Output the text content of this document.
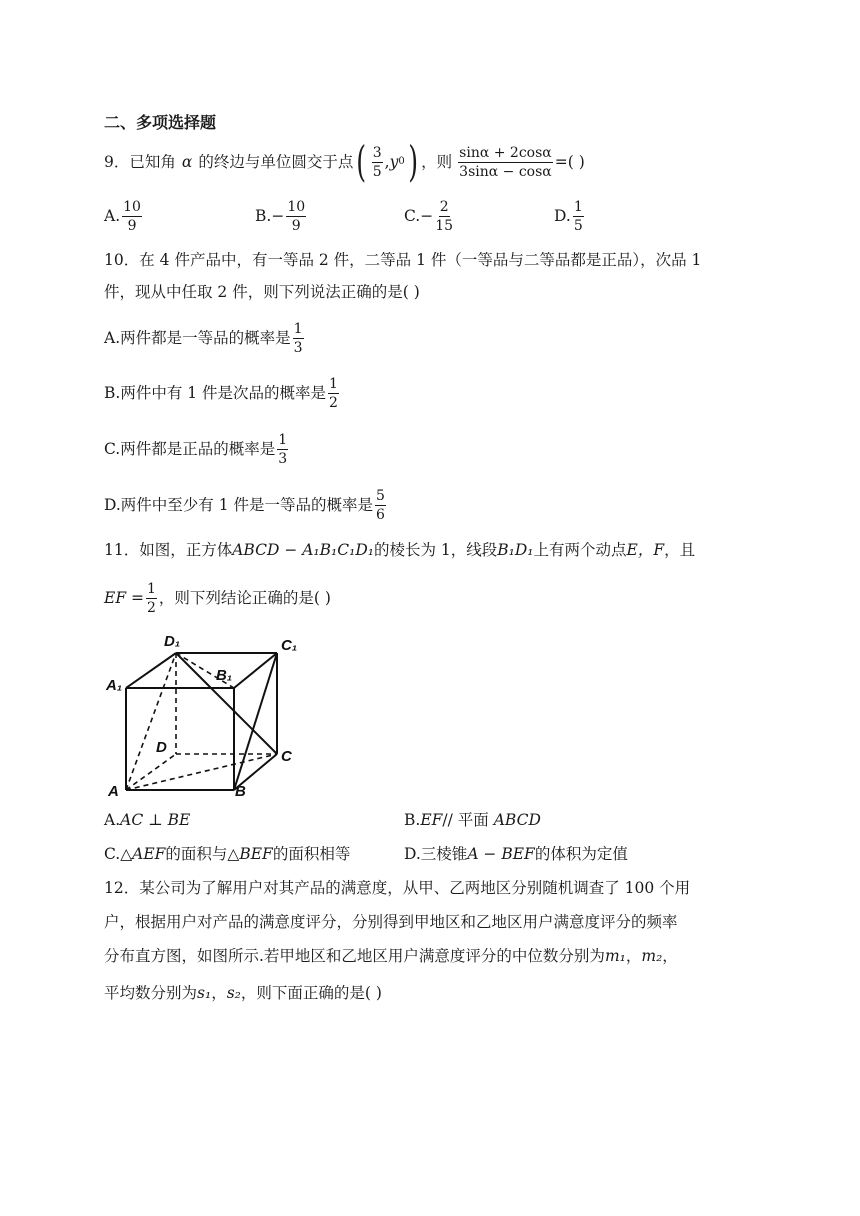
二、多项选择题
9．已知角 α 的终边与单位圆交于点 ( $\frac{3}{5}$ , y 0 ) ，则 $\frac{\sin\alpha + 2\cos\alpha}{3\sin\alpha - \cos\alpha}$ =( )
A. $\frac{10}{9}$	B. − $\frac{10}{9}$	C. − $\frac{2}{15}$	D. $\frac{1}{5}$
10．在 4 件产品中，有一等品 2 件，二等品 1 件（一等品与二等品都是正品），次品 1
件，现从中任取 2 件，则下列说法正确的是( )
A.两件都是一等品的概率是 $\frac{1}{3}$
B.两件中有 1 件是次品的概率是 $\frac{1}{2}$
C.两件都是正品的概率是 $\frac{1}{3}$
D.两件中至少有 1 件是一等品的概率是 $\frac{5}{6}$
11．如图，正方体ABCD − A₁B₁C₁D₁的棱长为 1，线段B₁D₁上有两个动点E，F，且
EF = $\frac{1}{2}$ ，则下列结论正确的是( )
D₁	C₁
A₁
B₁
D
C
A	B
A.AC ⊥ BE	B.EF// 平面 ABCD
C.△AEF的面积与△BEF的面积相等	D.三棱锥A − BEF的体积为定值
12．某公司为了解用户对其产品的满意度，从甲、乙两地区分别随机调查了 100 个用
户，根据用户对产品的满意度评分，分别得到甲地区和乙地区用户满意度评分的频率
分布直方图，如图所示.若甲地区和乙地区用户满意度评分的中位数分别为m₁，m₂，
平均数分别为s₁，s₂，则下面正确的是( )
